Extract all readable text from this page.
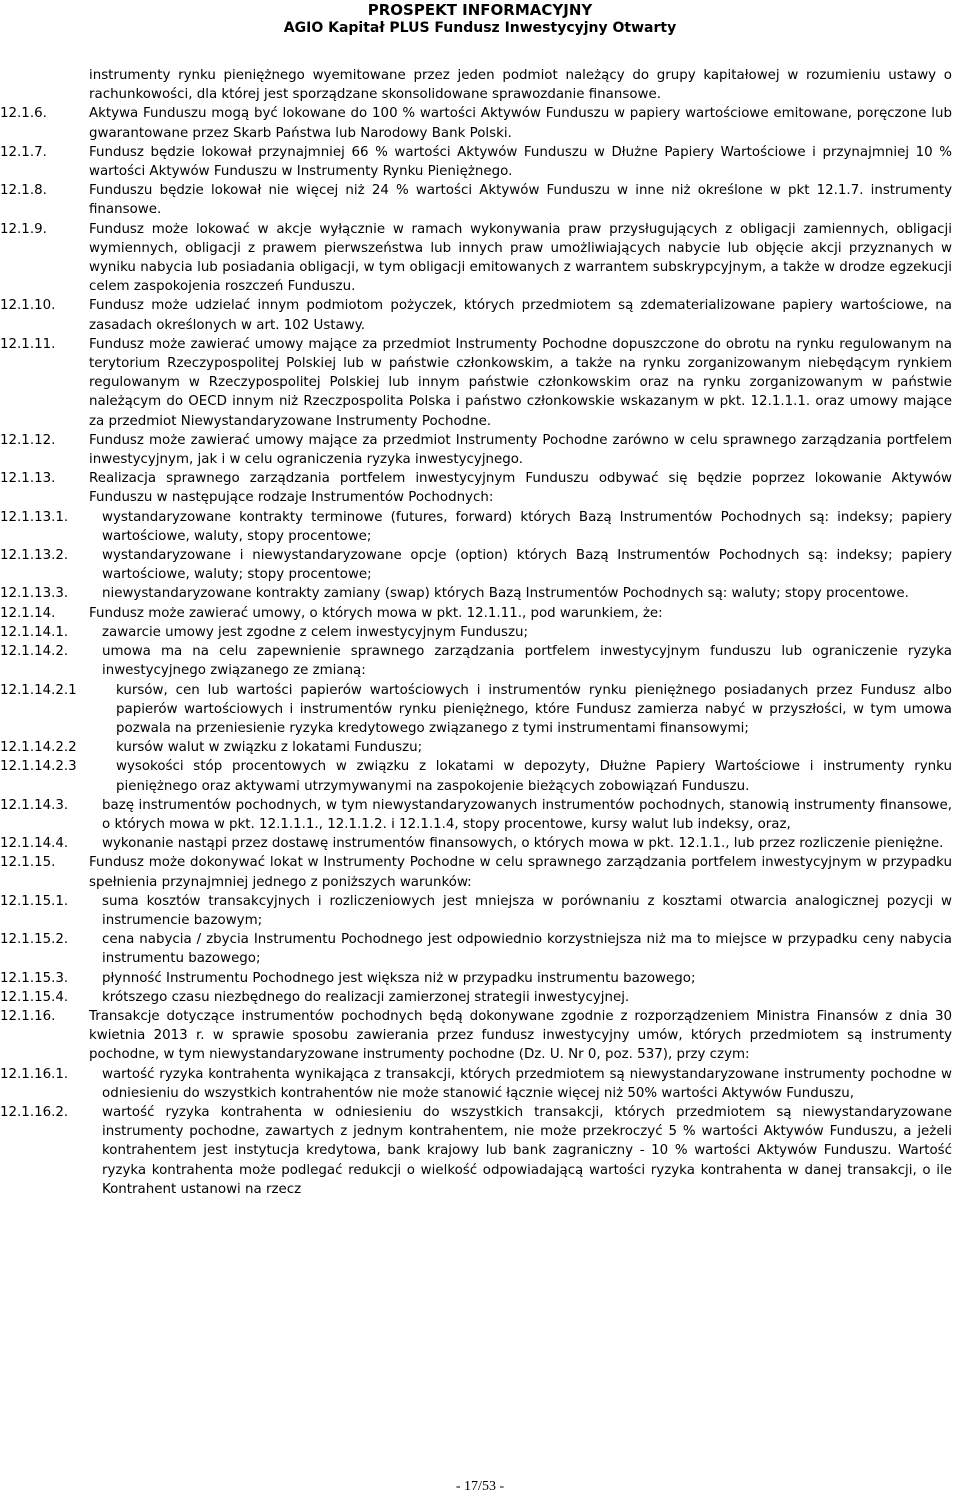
PROSPEKT INFORMACYJNY
AGIO Kapitał PLUS Fundusz Inwestycyjny Otwarty
instrumenty rynku pieniężnego wyemitowane przez jeden podmiot należący do grupy kapitałowej w rozumieniu ustawy o rachunkowości, dla której jest sporządzane skonsolidowane sprawozdanie finansowe.
12.1.6.	Aktywa Funduszu mogą być lokowane do 100 % wartości Aktywów Funduszu w papiery wartościowe emitowane, poręczone lub gwarantowane przez Skarb Państwa lub Narodowy Bank Polski.
12.1.7.	Fundusz będzie lokował przynajmniej 66 % wartości Aktywów Funduszu w Dłużne Papiery Wartościowe i przynajmniej 10 % wartości Aktywów Funduszu w Instrumenty Rynku Pieniężnego.
12.1.8.	Funduszu będzie lokował nie więcej niż 24 % wartości Aktywów Funduszu w inne niż określone w pkt 12.1.7. instrumenty finansowe.
12.1.9.	Fundusz może lokować w akcje wyłącznie w ramach wykonywania praw przysługujących z obligacji zamiennych, obligacji wymiennych, obligacji z prawem pierwszeństwa lub innych praw umożliwiających nabycie lub objęcie akcji przyznanych w wyniku nabycia lub posiadania obligacji, w tym obligacji emitowanych z warrantem subskrypcyjnym, a także w drodze egzekucji celem zaspokojenia roszczeń Funduszu.
12.1.10.	Fundusz może udzielać innym podmiotom pożyczek, których przedmiotem są zdematerializowane papiery wartościowe, na zasadach określonych w art. 102 Ustawy.
12.1.11.	Fundusz może zawierać umowy mające za przedmiot Instrumenty Pochodne dopuszczone do obrotu na rynku regulowanym na terytorium Rzeczypospolitej Polskiej lub w państwie członkowskim, a także na rynku zorganizowanym niebędącym rynkiem regulowanym w Rzeczypospolitej Polskiej lub innym państwie członkowskim oraz na rynku zorganizowanym w państwie należącym do OECD innym niż Rzeczpospolita Polska i państwo członkowskie wskazanym w pkt. 12.1.1.1. oraz umowy mające za przedmiot Niewystandaryzowane Instrumenty Pochodne.
12.1.12.	Fundusz może zawierać umowy mające za przedmiot Instrumenty Pochodne zarówno w celu sprawnego zarządzania portfelem inwestycyjnym, jak i w celu ograniczenia ryzyka inwestycyjnego.
12.1.13.	Realizacja sprawnego zarządzania portfelem inwestycyjnym Funduszu odbywać się będzie poprzez lokowanie Aktywów Funduszu w następujące rodzaje Instrumentów Pochodnych:
12.1.13.1.	wystandaryzowane kontrakty terminowe (futures, forward) których Bazą Instrumentów Pochodnych są: indeksy; papiery wartościowe, waluty, stopy procentowe;
12.1.13.2.	wystandaryzowane i niewystandaryzowane opcje (option) których Bazą Instrumentów Pochodnych są: indeksy; papiery wartościowe, waluty; stopy procentowe;
12.1.13.3.	niewystandaryzowane kontrakty zamiany (swap) których Bazą Instrumentów Pochodnych są: waluty; stopy procentowe.
12.1.14.	Fundusz może zawierać umowy, o których mowa w pkt. 12.1.11., pod warunkiem, że:
12.1.14.1.	zawarcie umowy jest zgodne z celem inwestycyjnym Funduszu;
12.1.14.2.	umowa ma na celu zapewnienie sprawnego zarządzania portfelem inwestycyjnym funduszu lub ograniczenie ryzyka inwestycyjnego związanego ze zmianą:
12.1.14.2.1	kursów, cen lub wartości papierów wartościowych i instrumentów rynku pieniężnego posiadanych przez Fundusz albo papierów wartościowych i instrumentów rynku pieniężnego, które Fundusz zamierza nabyć w przyszłości, w tym umowa pozwala na przeniesienie ryzyka kredytowego związanego z tymi instrumentami finansowymi;
12.1.14.2.2	kursów walut w związku z lokatami Funduszu;
12.1.14.2.3	wysokości stóp procentowych w związku z lokatami w depozyty, Dłużne Papiery Wartościowe i instrumenty rynku pieniężnego oraz aktywami utrzymywanymi na zaspokojenie bieżących zobowiązań Funduszu.
12.1.14.3.	bazę instrumentów pochodnych, w tym niewystandaryzowanych instrumentów pochodnych, stanowią instrumenty finansowe, o których mowa w pkt. 12.1.1.1., 12.1.1.2. i 12.1.1.4, stopy procentowe, kursy walut lub indeksy, oraz,
12.1.14.4.	wykonanie nastąpi przez dostawę instrumentów finansowych, o których mowa w pkt. 12.1.1., lub przez rozliczenie pieniężne.
12.1.15.	Fundusz może dokonywać lokat w Instrumenty Pochodne w celu sprawnego zarządzania portfelem inwestycyjnym w przypadku spełnienia przynajmniej jednego z poniższych warunków:
12.1.15.1.	suma kosztów transakcyjnych i rozliczeniowych jest mniejsza w porównaniu z kosztami otwarcia analogicznej pozycji w instrumencie bazowym;
12.1.15.2.	cena nabycia / zbycia Instrumentu Pochodnego jest odpowiednio korzystniejsza niż ma to miejsce w przypadku ceny nabycia instrumentu bazowego;
12.1.15.3.	płynność Instrumentu Pochodnego jest większa niż w przypadku instrumentu bazowego;
12.1.15.4.	krótszego czasu niezbędnego do realizacji zamierzonej strategii inwestycyjnej.
12.1.16.	Transakcje dotyczące instrumentów pochodnych będą dokonywane zgodnie z rozporządzeniem Ministra Finansów z dnia 30 kwietnia 2013 r. w sprawie sposobu zawierania przez fundusz inwestycyjny umów, których przedmiotem są instrumenty pochodne, w tym niewystandaryzowane instrumenty pochodne (Dz. U. Nr 0, poz. 537), przy czym:
12.1.16.1.	wartość ryzyka kontrahenta wynikająca z transakcji, których przedmiotem są niewystandaryzowane instrumenty pochodne w odniesieniu do wszystkich kontrahentów nie może stanowić łącznie więcej niż 50% wartości Aktywów Funduszu,
12.1.16.2.	wartość ryzyka kontrahenta w odniesieniu do wszystkich transakcji, których przedmiotem są niewystandaryzowane instrumenty pochodne, zawartych z jednym kontrahentem, nie może przekroczyć 5 % wartości Aktywów Funduszu, a jeżeli kontrahentem jest instytucja kredytowa, bank krajowy lub bank zagraniczny - 10 % wartości Aktywów Funduszu. Wartość ryzyka kontrahenta może podlegać redukcji o wielkość odpowiadającą wartości ryzyka kontrahenta w danej transakcji, o ile Kontrahent ustanowi na rzecz
- 17/53 -
